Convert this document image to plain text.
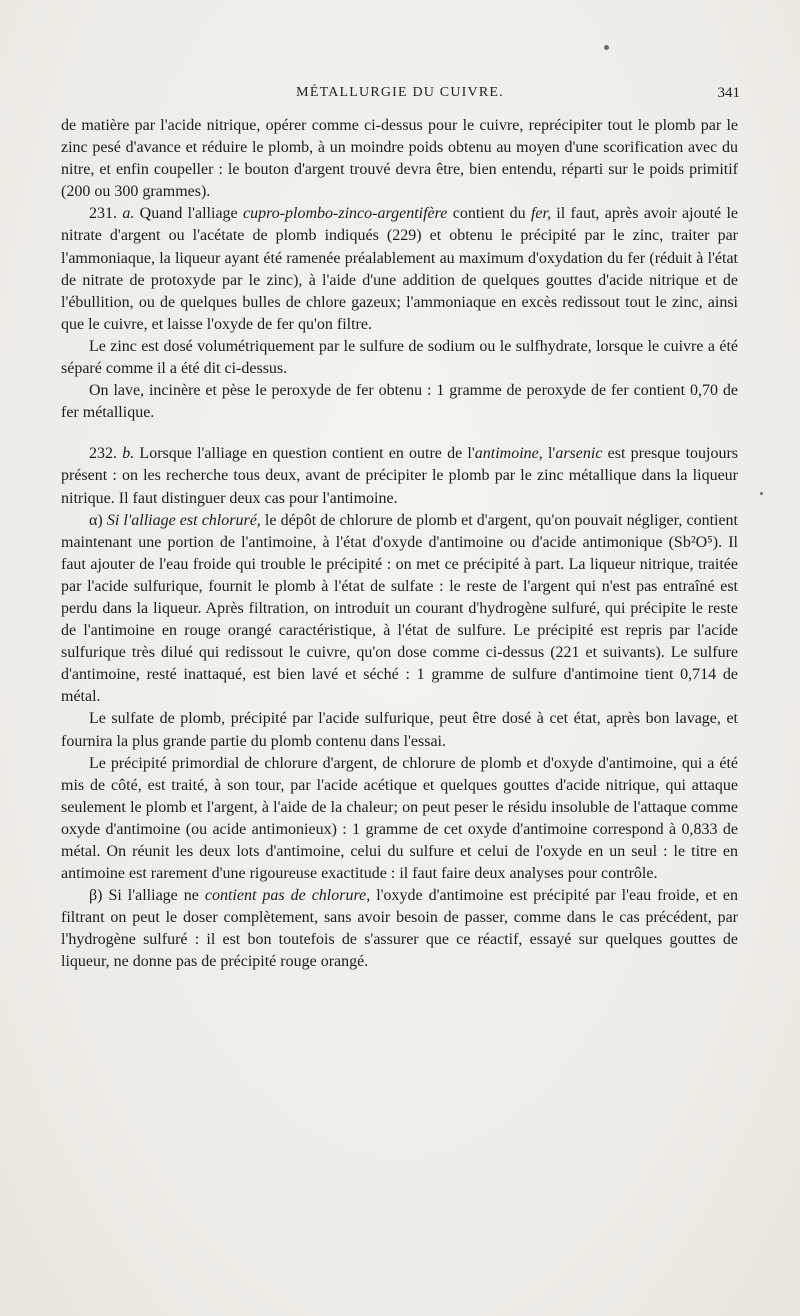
MÉTALLURGIE DU CUIVRE.	341

de matière par l'acide nitrique, opérer comme ci-dessus pour le cuivre, reprécipiter tout le plomb par le zinc pesé d'avance et réduire le plomb, à un moindre poids obtenu au moyen d'une scorification avec du nitre, et enfin coupeller : le bouton d'argent trouvé devra être, bien entendu, réparti sur le poids primitif (200 ou 300 grammes).

231. a. Quand l'alliage cupro-plombo-zinco-argentifère contient du fer, il faut, après avoir ajouté le nitrate d'argent ou l'acétate de plomb indiqués (229) et obtenu le précipité par le zinc, traiter par l'ammoniaque, la liqueur ayant été ramenée préalablement au maximum d'oxydation du fer (réduit à l'état de nitrate de protoxyde par le zinc), à l'aide d'une addition de quelques gouttes d'acide nitrique et de l'ébullition, ou de quelques bulles de chlore gazeux; l'ammoniaque en excès redissout tout le zinc, ainsi que le cuivre, et laisse l'oxyde de fer qu'on filtre.

Le zinc est dosé volumétriquement par le sulfure de sodium ou le sulfhydrate, lorsque le cuivre a été séparé comme il a été dit ci-dessus.

On lave, incinère et pèse le peroxyde de fer obtenu : 1 gramme de peroxyde de fer contient 0,70 de fer métallique.

232. b. Lorsque l'alliage en question contient en outre de l'antimoine, l'arsenic est presque toujours présent : on les recherche tous deux, avant de précipiter le plomb par le zinc métallique dans la liqueur nitrique. Il faut distinguer deux cas pour l'antimoine.

α) Si l'alliage est chloruré, le dépôt de chlorure de plomb et d'argent, qu'on pouvait négliger, contient maintenant une portion de l'antimoine, à l'état d'oxyde d'antimoine ou d'acide antimonique (Sb²O⁵). Il faut ajouter de l'eau froide qui trouble le précipité : on met ce précipité à part. La liqueur nitrique, traitée par l'acide sulfurique, fournit le plomb à l'état de sulfate : le reste de l'argent qui n'est pas entraîné est perdu dans la liqueur. Après filtration, on introduit un courant d'hydrogène sulfuré, qui précipite le reste de l'antimoine en rouge orangé caractéristique, à l'état de sulfure. Le précipité est repris par l'acide sulfurique très dilué qui redissout le cuivre, qu'on dose comme ci-dessus (221 et suivants). Le sulfure d'antimoine, resté inattaqué, est bien lavé et séché : 1 gramme de sulfure d'antimoine tient 0,714 de métal.

Le sulfate de plomb, précipité par l'acide sulfurique, peut être dosé à cet état, après bon lavage, et fournira la plus grande partie du plomb contenu dans l'essai.

Le précipité primordial de chlorure d'argent, de chlorure de plomb et d'oxyde d'antimoine, qui a été mis de côté, est traité, à son tour, par l'acide acétique et quelques gouttes d'acide nitrique, qui attaque seulement le plomb et l'argent, à l'aide de la chaleur; on peut peser le résidu insoluble de l'attaque comme oxyde d'antimoine (ou acide antimonieux) : 1 gramme de cet oxyde d'antimoine correspond à 0,833 de métal. On réunit les deux lots d'antimoine, celui du sulfure et celui de l'oxyde en un seul : le titre en antimoine est rarement d'une rigoureuse exactitude : il faut faire deux analyses pour contrôle.

β) Si l'alliage ne contient pas de chlorure, l'oxyde d'antimoine est précipité par l'eau froide, et en filtrant on peut le doser complètement, sans avoir besoin de passer, comme dans le cas précédent, par l'hydrogène sulfuré : il est bon toutefois de s'assurer que ce réactif, essayé sur quelques gouttes de liqueur, ne donne pas de précipité rouge orangé.
